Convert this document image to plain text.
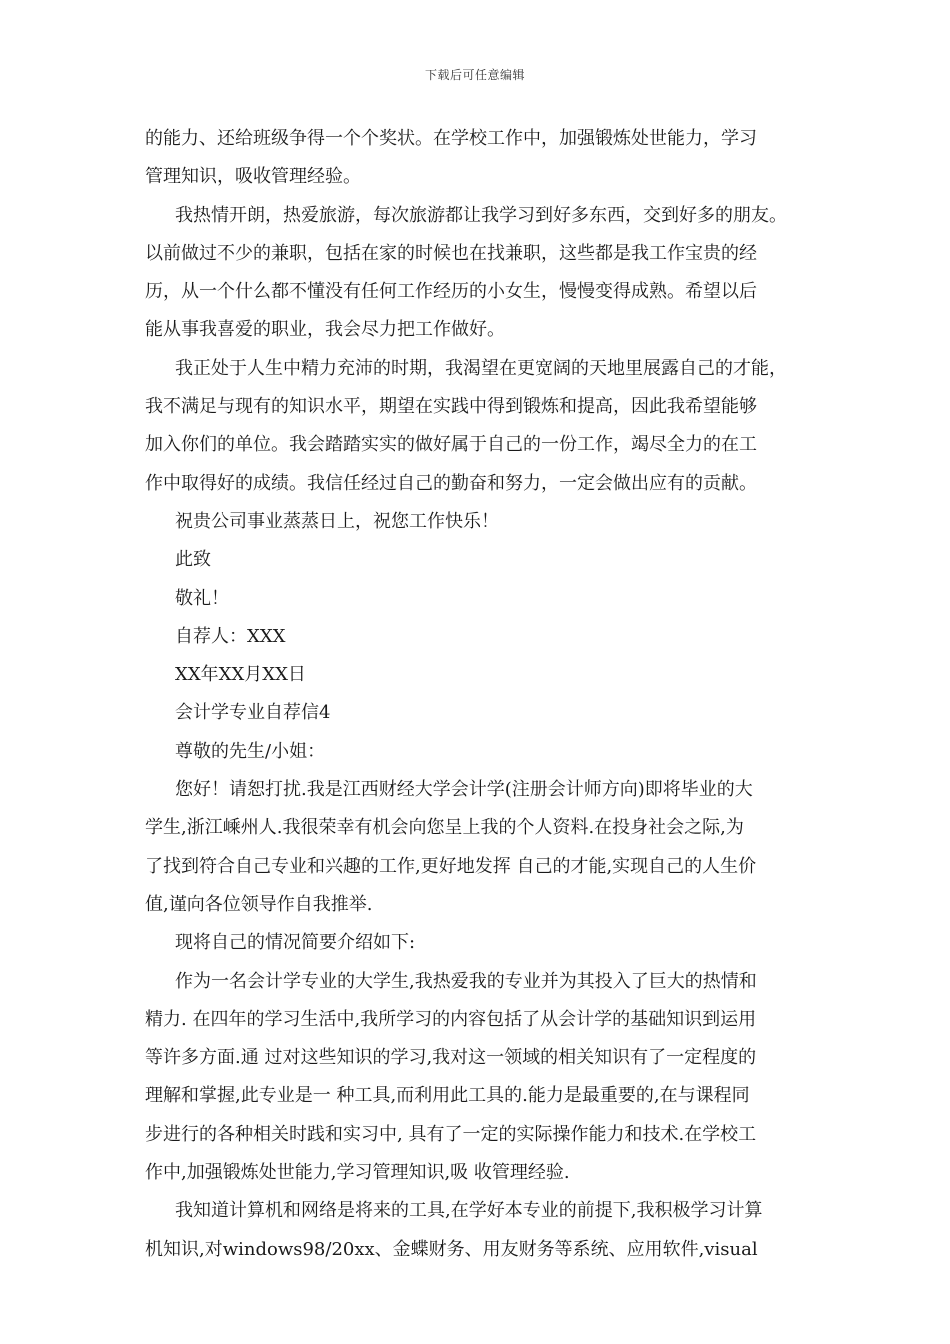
下载后可任意编辑
的能力、还给班级争得一个个奖状。在学校工作中，加强锻炼处世能力，学习
管理知识，吸收管理经验。
我热情开朗，热爱旅游，每次旅游都让我学习到好多东西，交到好多的朋友。
以前做过不少的兼职，包括在家的时候也在找兼职，这些都是我工作宝贵的经
历，从一个什么都不懂没有任何工作经历的小女生，慢慢变得成熟。希望以后
能从事我喜爱的职业，我会尽力把工作做好。
我正处于人生中精力充沛的时期，我渴望在更宽阔的天地里展露自己的才能，
我不满足与现有的知识水平，期望在实践中得到锻炼和提高，因此我希望能够
加入你们的单位。我会踏踏实实的做好属于自己的一份工作，竭尽全力的在工
作中取得好的成绩。我信任经过自己的勤奋和努力，一定会做出应有的贡献。
祝贵公司事业蒸蒸日上，祝您工作快乐！
此致
敬礼！
自荐人：XXX
XX年XX月XX日
会计学专业自荐信4
尊敬的先生/小姐：
您好！请恕打扰.我是江西财经大学会计学(注册会计师方向)即将毕业的大
学生,浙江嵊州人.我很荣幸有机会向您呈上我的个人资料.在投身社会之际,为
了找到符合自己专业和兴趣的工作,更好地发挥 自己的才能,实现自己的人生价
值,谨向各位领导作自我推举.
现将自己的情况简要介绍如下:
作为一名会计学专业的大学生,我热爱我的专业并为其投入了巨大的热情和
精力. 在四年的学习生活中,我所学习的内容包括了从会计学的基础知识到运用
等许多方面.通 过对这些知识的学习,我对这一领域的相关知识有了一定程度的
理解和掌握,此专业是一 种工具,而利用此工具的.能力是最重要的,在与课程同
步进行的各种相关时践和实习中, 具有了一定的实际操作能力和技术.在学校工
作中,加强锻炼处世能力,学习管理知识,吸 收管理经验.
我知道计算机和网络是将来的工具,在学好本专业的前提下,我积极学习计算
机知识,对windows98/20xx、金蝶财务、用友财务等系统、应用软件,visual
